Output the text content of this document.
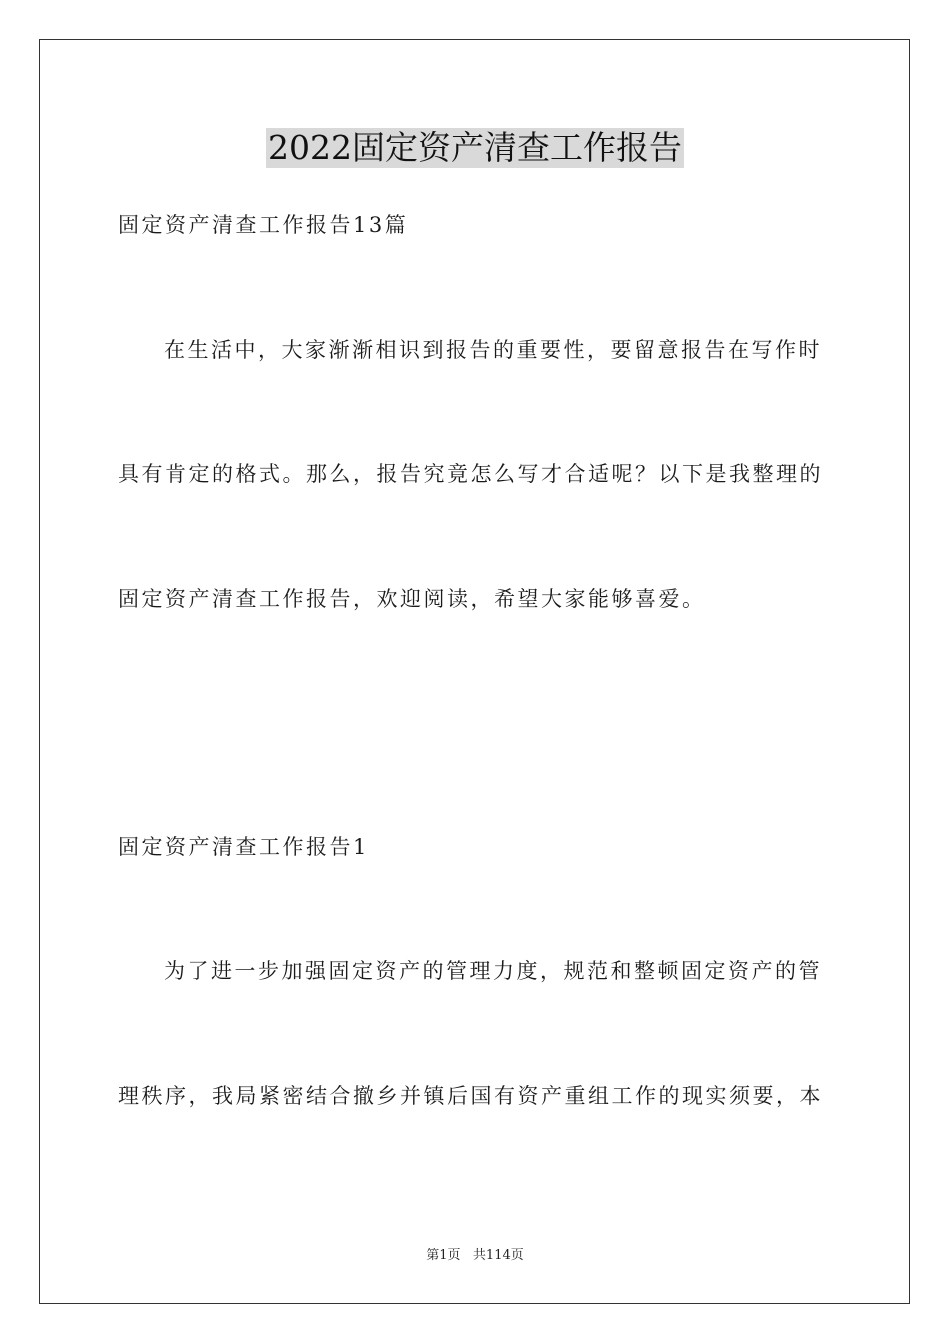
2022固定资产清查工作报告
固定资产清查工作报告13篇
在生活中，大家渐渐相识到报告的重要性，要留意报告在写作时
具有肯定的格式。那么，报告究竟怎么写才合适呢？以下是我整理的
固定资产清查工作报告，欢迎阅读，希望大家能够喜爱。
固定资产清查工作报告1
为了进一步加强固定资产的管理力度，规范和整顿固定资产的管
理秩序，我局紧密结合撤乡并镇后国有资产重组工作的现实须要，本
第1页 共114页
